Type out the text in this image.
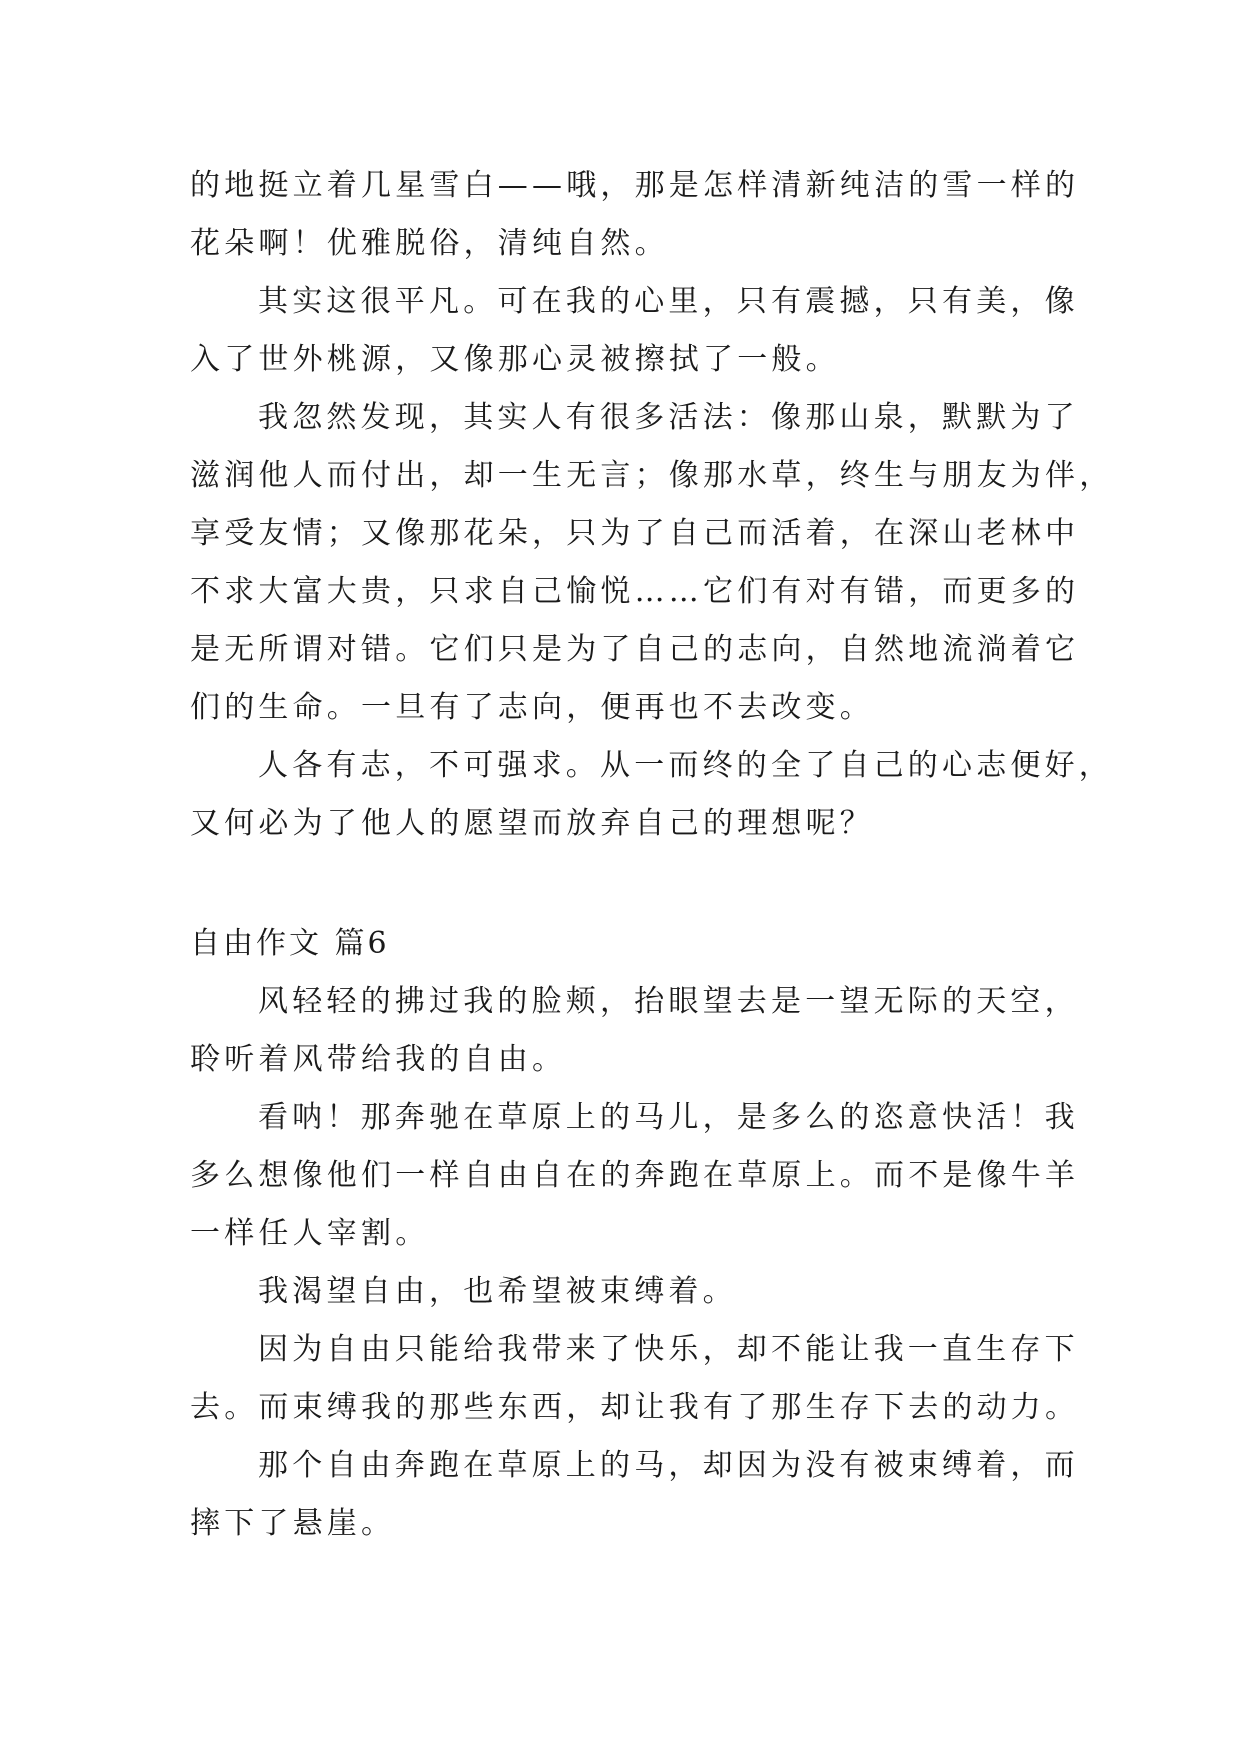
的地挺立着几星雪白——哦，那是怎样清新纯洁的雪一样的
花朵啊！优雅脱俗，清纯自然。
其实这很平凡。可在我的心里，只有震撼，只有美，像
入了世外桃源，又像那心灵被擦拭了一般。
我忽然发现，其实人有很多活法：像那山泉，默默为了
滋润他人而付出，却一生无言；像那水草，终生与朋友为伴，
享受友情；又像那花朵，只为了自己而活着，在深山老林中
不求大富大贵，只求自己愉悦……它们有对有错，而更多的
是无所谓对错。它们只是为了自己的志向，自然地流淌着它
们的生命。一旦有了志向，便再也不去改变。
人各有志，不可强求。从一而终的全了自己的心志便好，
又何必为了他人的愿望而放弃自己的理想呢？
自由作文 篇6
风轻轻的拂过我的脸颊，抬眼望去是一望无际的天空，
聆听着风带给我的自由。
看呐！那奔驰在草原上的马儿，是多么的恣意快活！我
多么想像他们一样自由自在的奔跑在草原上。而不是像牛羊
一样任人宰割。
我渴望自由，也希望被束缚着。
因为自由只能给我带来了快乐，却不能让我一直生存下
去。而束缚我的那些东西，却让我有了那生存下去的动力。
那个自由奔跑在草原上的马，却因为没有被束缚着，而
摔下了悬崖。
